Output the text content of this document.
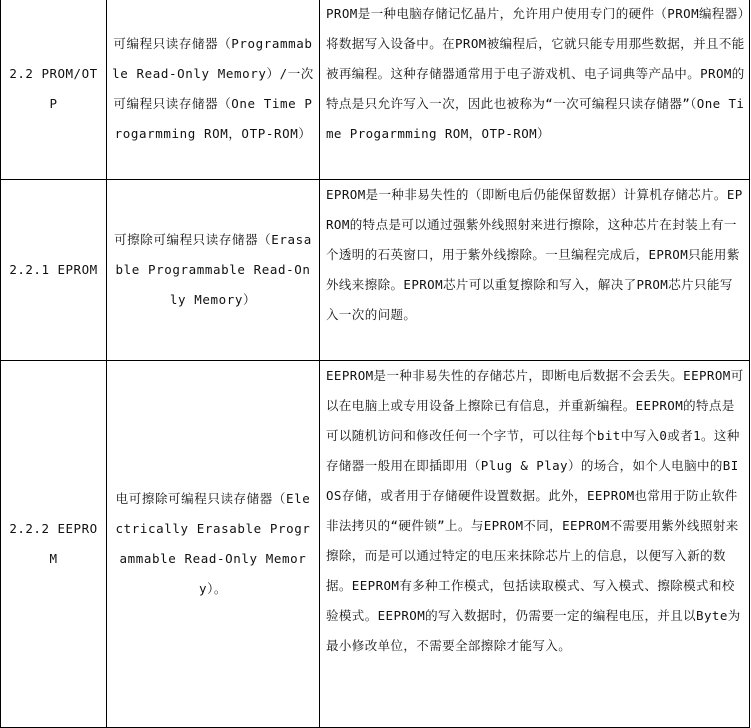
2.2 PROM/OTP	可编程只读存储器（Programmable Read-Only Memory）/一次可编程只读存储器（One Time Progarmming ROM，OTP-ROM）	PROM是一种电脑存储记忆晶片，允许用户使用专门的硬件（PROM编程器）将数据写入设备中。在PROM被编程后，它就只能专用那些数据，并且不能被再编程。这种存储器通常用于电子游戏机、电子词典等产品中。PROM的特点是只允许写入一次，因此也被称为“一次可编程只读存储器”（One Time Progarmming ROM，OTP-ROM）
2.2.1 EPROM	可擦除可编程只读存储器（Erasable Programmable Read-Only Memory）	EPROM是一种非易失性的（即断电后仍能保留数据）计算机存储芯片。EPROM的特点是可以通过强紫外线照射来进行擦除，这种芯片在封装上有一个透明的石英窗口，用于紫外线擦除。一旦编程完成后，EPROM只能用紫外线来擦除。EPROM芯片可以重复擦除和写入，解决了PROM芯片只能写入一次的问题。
2.2.2 EEPROM	电可擦除可编程只读存储器（Electrically Erasable Programmable Read-Only Memory）。	EEPROM是一种非易失性的存储芯片，即断电后数据不会丢失。EEPROM可以在电脑上或专用设备上擦除已有信息，并重新编程。EEPROM的特点是可以随机访问和修改任何一个字节，可以往每个bit中写入0或者1。这种存储器一般用在即插即用（Plug & Play）的场合，如个人电脑中的BIOS存储，或者用于存储硬件设置数据。此外，EEPROM也常用于防止软件非法拷贝的“硬件锁”上。与EPROM不同，EEPROM不需要用紫外线照射来擦除，而是可以通过特定的电压来抹除芯片上的信息，以便写入新的数据。EEPROM有多种工作模式，包括读取模式、写入模式、擦除模式和校验模式。EEPROM的写入数据时，仍需要一定的编程电压，并且以Byte为最小修改单位，不需要全部擦除才能写入。
